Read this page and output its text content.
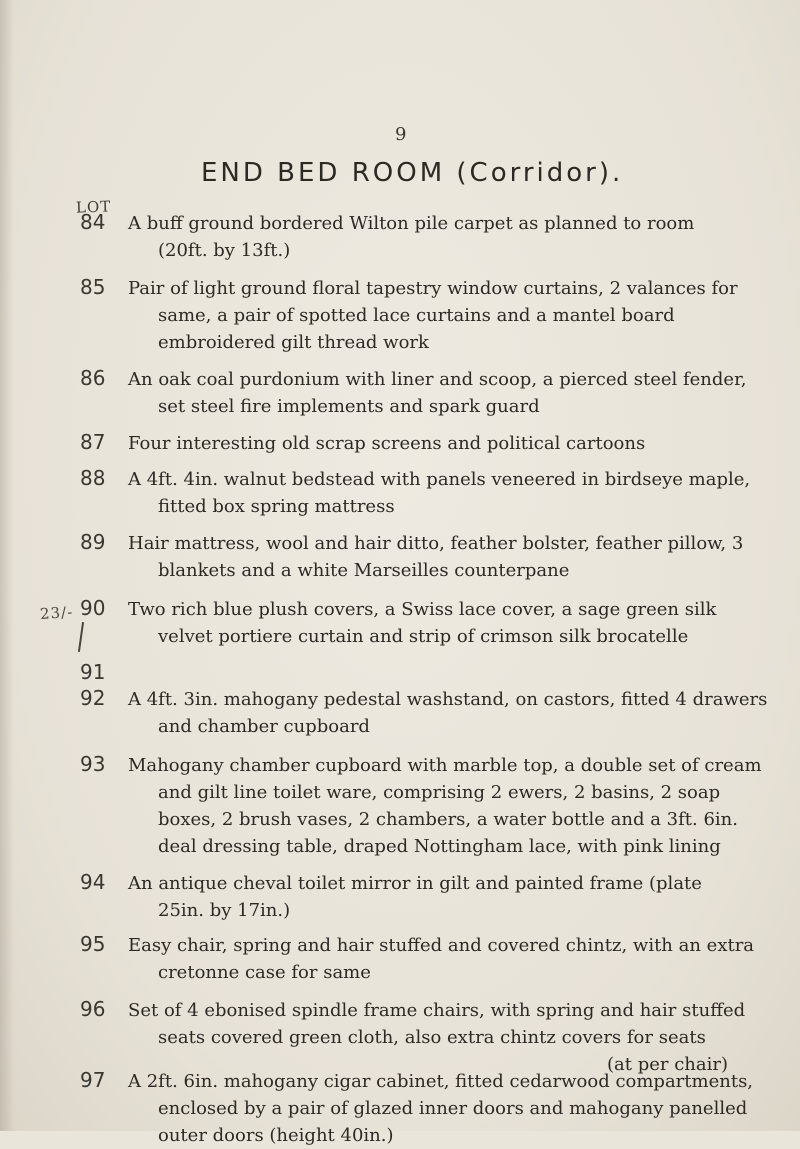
9
END BED ROOM (Corridor).
LOT
23/-
84 A buff ground bordered Wilton pile carpet as planned to room
(20ft. by 13ft.)
85 Pair of light ground floral tapestry window curtains, 2 valances for
same, a pair of spotted lace curtains and a mantel board
embroidered gilt thread work
86 An oak coal purdonium with liner and scoop, a pierced steel fender,
set steel fire implements and spark guard
87 Four interesting old scrap screens and political cartoons
88 A 4ft. 4in. walnut bedstead with panels veneered in birdseye maple,
fitted box spring mattress
89 Hair mattress, wool and hair ditto, feather bolster, feather pillow, 3
blankets and a white Marseilles counterpane
90 Two rich blue plush covers, a Swiss lace cover, a sage green silk
velvet portiere curtain and strip of crimson silk brocatelle
91
92 A 4ft. 3in. mahogany pedestal washstand, on castors, fitted 4 drawers
and chamber cupboard
93 Mahogany chamber cupboard with marble top, a double set of cream
and gilt line toilet ware, comprising 2 ewers, 2 basins, 2 soap
boxes, 2 brush vases, 2 chambers, a water bottle and a 3ft. 6in.
deal dressing table, draped Nottingham lace, with pink lining
94 An antique cheval toilet mirror in gilt and painted frame (plate
25in. by 17in.)
95 Easy chair, spring and hair stuffed and covered chintz, with an extra
cretonne case for same
96 Set of 4 ebonised spindle frame chairs, with spring and hair stuffed
seats covered green cloth, also extra chintz covers for seats
(at per chair)
97 A 2ft. 6in. mahogany cigar cabinet, fitted cedarwood compartments,
enclosed by a pair of glazed inner doors and mahogany panelled
outer doors (height 40in.)
